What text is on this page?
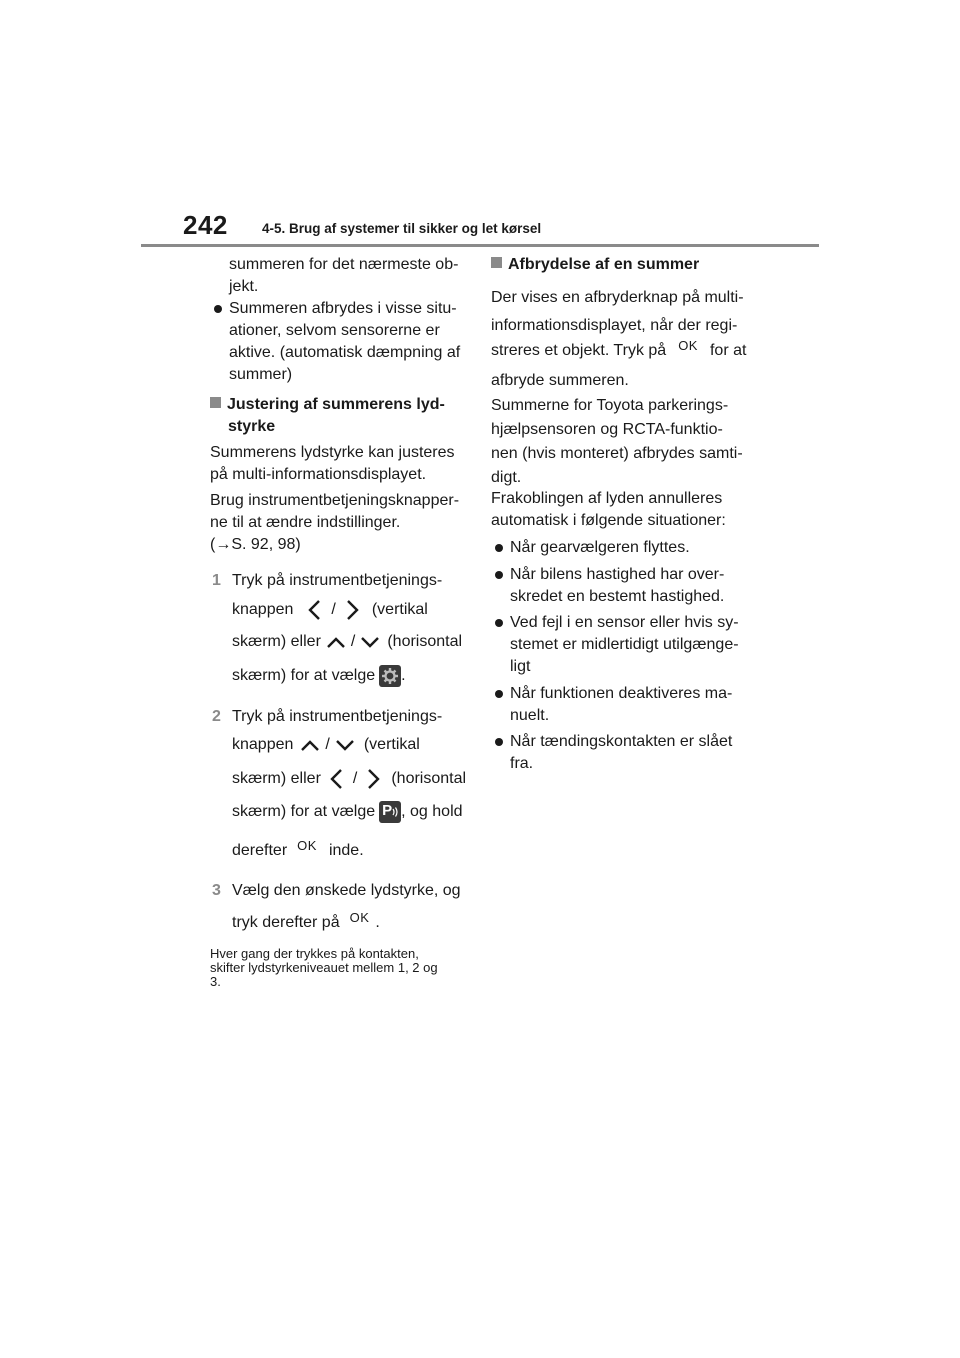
242	4-5. Brug af systemer til sikker og let kørsel

summeren for det nærmeste ob-

jekt.

Summeren afbrydes i visse situ-

ationer, selvom sensorerne er

aktive. (automatisk dæmpning af

summer)

Justering af summerens lyd-

styrke

Summerens lydstyrke kan justeres

på multi-informationsdisplayet.

Brug instrumentbetjeningsknapper-

ne til at ændre indstillinger.

(→S. 92, 98)

1 Tryk på instrumentbetjenings-
knappen / (vertikal
skærm) eller / (horisontal
skærm) for at vælge .
2 Tryk på instrumentbetjenings-
knappen / (vertikal
skærm) eller / (horisontal
skærm) for at vælge P , og hold
derefter OK inde.
3 Vælg den ønskede lydstyrke, og
tryk derefter på OK .

Hver gang der trykkes på kontakten,

skifter lydstyrkeniveauet mellem 1, 2 og

3.

Afbrydelse af en summer

Der vises en afbryderknap på multi-

informationsdisplayet, når der regi-

streres et objekt. Tryk på OK for at
afbryde summeren.

Summerne for Toyota parkerings-

hjælpsensoren og RCTA-funktio-

nen (hvis monteret) afbrydes samti-

digt.

Frakoblingen af lyden annulleres

automatisk i følgende situationer:

Når gearvælgeren flyttes.

Når bilens hastighed har over-

skredet en bestemt hastighed.

Ved fejl i en sensor eller hvis sy-

stemet er midlertidigt utilgænge-

ligt

Når funktionen deaktiveres ma-

nuelt.

Når tændingskontakten er slået

fra.
